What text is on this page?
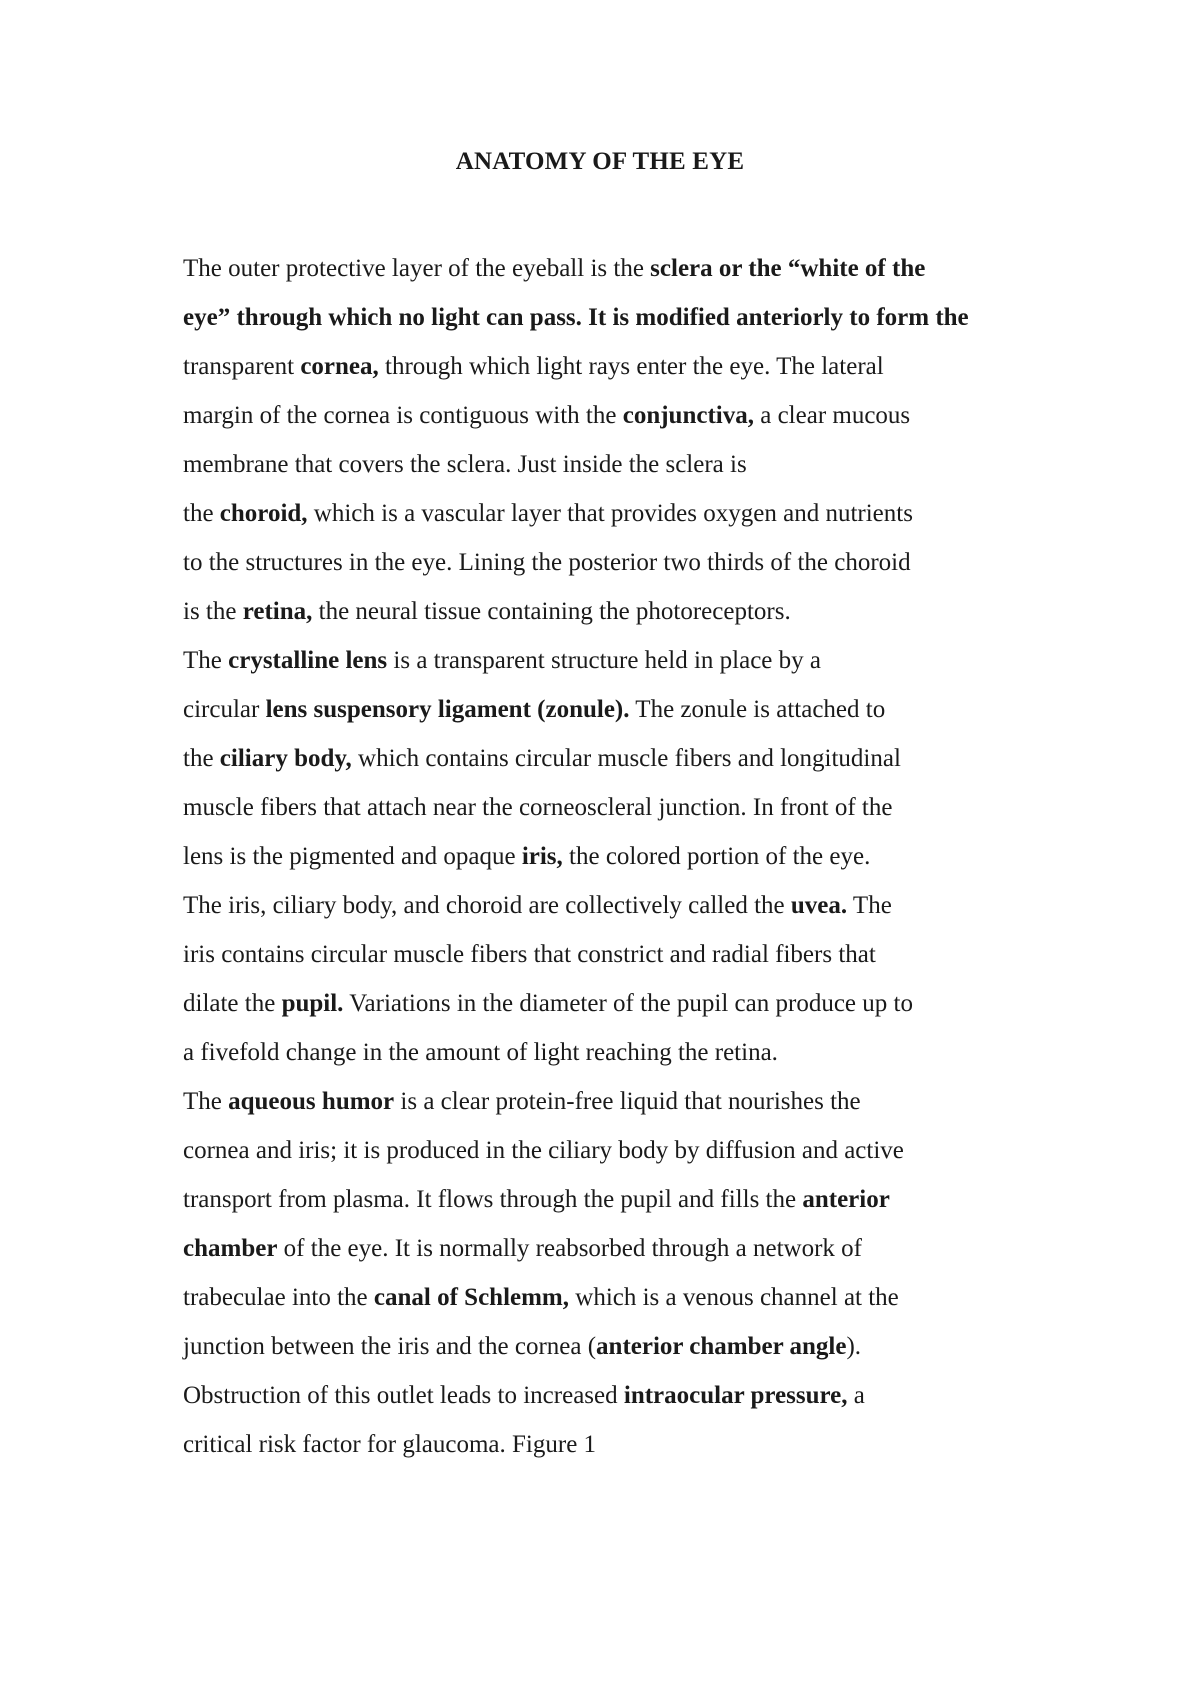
ANATOMY OF THE EYE
The outer protective layer of the eyeball is the sclera or the “white of the
eye” through which no light can pass. It is modified anteriorly to form the
transparent cornea, through which light rays enter the eye. The lateral
margin of the cornea is contiguous with the conjunctiva, a clear mucous
membrane that covers the sclera. Just inside the sclera is
the choroid, which is a vascular layer that provides oxygen and nutrients
to the structures in the eye. Lining the posterior two thirds of the choroid
is the retina, the neural tissue containing the photoreceptors.
The crystalline lens is a transparent structure held in place by a
circular lens suspensory ligament (zonule). The zonule is attached to
the ciliary body, which contains circular muscle fibers and longitudinal
muscle fibers that attach near the corneoscleral junction. In front of the
lens is the pigmented and opaque iris, the colored portion of the eye.
The iris, ciliary body, and choroid are collectively called the uvea. The
iris contains circular muscle fibers that constrict and radial fibers that
dilate the pupil. Variations in the diameter of the pupil can produce up to
a fivefold change in the amount of light reaching the retina.
The aqueous humor is a clear protein-free liquid that nourishes the
cornea and iris; it is produced in the ciliary body by diffusion and active
transport from plasma. It flows through the pupil and fills the anterior
chamber of the eye. It is normally reabsorbed through a network of
trabeculae into the canal of Schlemm, which is a venous channel at the
junction between the iris and the cornea (anterior chamber angle).
Obstruction of this outlet leads to increased intraocular pressure, a
critical risk factor for glaucoma. Figure 1
